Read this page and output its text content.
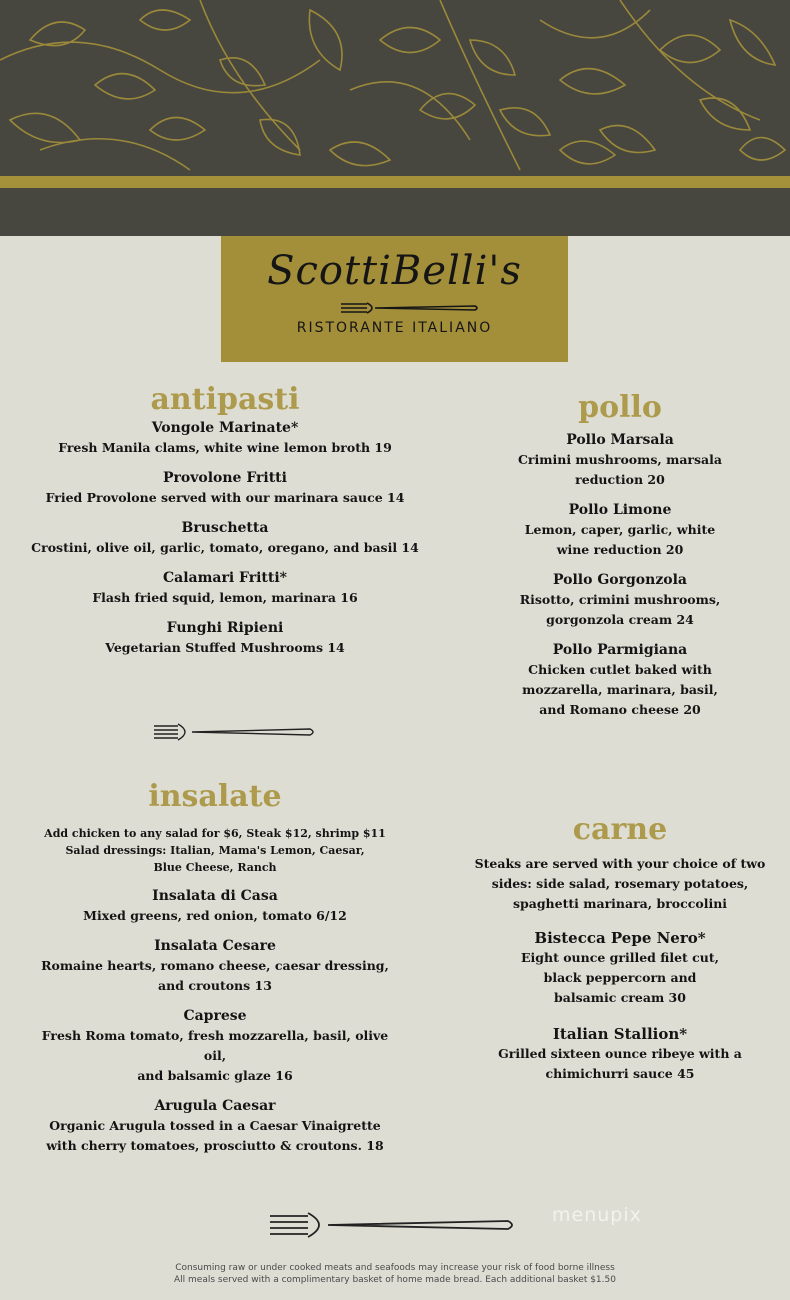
ScottiBelli's
RISTORANTE ITALIANO
antipasti
Vongole Marinate*
Fresh Manila clams, white wine lemon broth 19
Provolone Fritti
Fried Provolone served with our marinara sauce 14
Bruschetta
Crostini, olive oil, garlic, tomato, oregano, and basil 14
Calamari Fritti*
Flash fried squid, lemon, marinara 16
Funghi Ripieni
Vegetarian Stuffed Mushrooms 14
insalate
Add chicken to any salad for $6, Steak $12, shrimp $11
Salad dressings: Italian, Mama's Lemon, Caesar,
Blue Cheese, Ranch
Insalata di Casa
Mixed greens, red onion, tomato 6/12
Insalata Cesare
Romaine hearts, romano cheese, caesar dressing,
and croutons 13
Caprese
Fresh Roma tomato, fresh mozzarella, basil, olive
oil,
and balsamic glaze 16
Arugula Caesar
Organic Arugula tossed in a Caesar Vinaigrette
with cherry tomatoes, prosciutto & croutons. 18
pollo
Pollo Marsala
Crimini mushrooms, marsala
reduction 20
Pollo Limone
Lemon, caper, garlic, white
wine reduction 20
Pollo Gorgonzola
Risotto, crimini mushrooms,
gorgonzola cream 24
Pollo Parmigiana
Chicken cutlet baked with
mozzarella, marinara, basil,
and Romano cheese 20
carne
Steaks are served with your choice of two
sides: side salad, rosemary potatoes,
spaghetti marinara, broccolini
Bistecca Pepe Nero*
Eight ounce grilled filet cut,
black peppercorn and
balsamic cream 30
Italian Stallion*
Grilled sixteen ounce ribeye with a
chimichurri sauce 45
menupix
Consuming raw or under cooked meats and seafoods may increase your risk of food borne illness
All meals served with a complimentary basket of home made bread. Each additional basket $1.50
